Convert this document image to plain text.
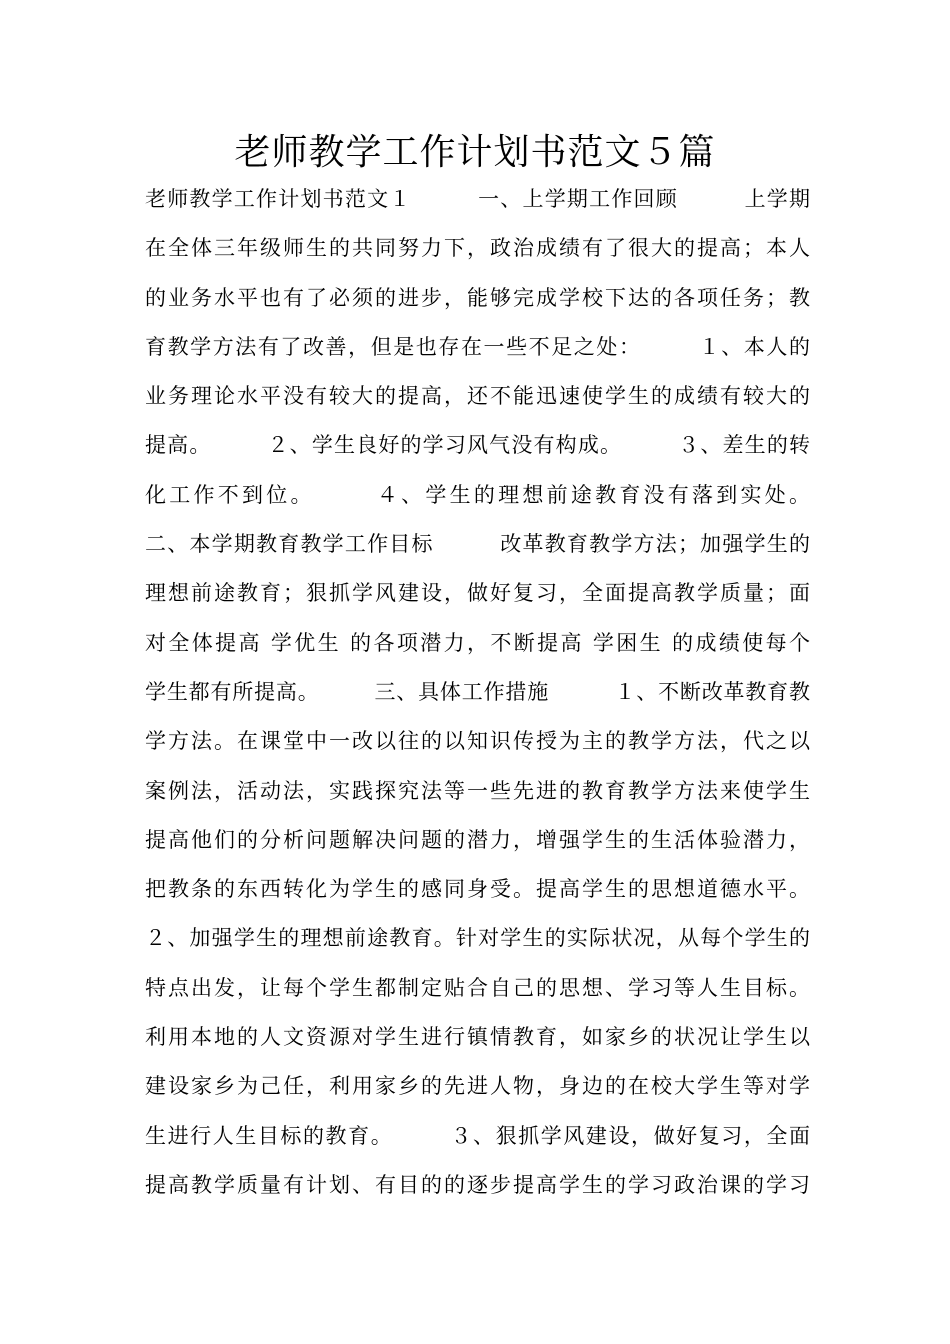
老师教学工作计划书范文５篇
老师教学工作计划书范文１　　　一、上学期工作回顾　　　上学期
在全体三年级师生的共同努力下，政治成绩有了很大的提高；本人
的业务水平也有了必须的进步，能够完成学校下达的各项任务；教
育教学方法有了改善，但是也存在一些不足之处：　　　１、本人的
业务理论水平没有较大的提高，还不能迅速使学生的成绩有较大的
提高。　　　２、学生良好的学习风气没有构成。　　　３、差生的转
化工作不到位。　　　４、学生的理想前途教育没有落到实处。
二、本学期教育教学工作目标　　　改革教育教学方法；加强学生的
理想前途教育；狠抓学风建设，做好复习，全面提高教学质量；面
对全体提高 学优生 的各项潜力，不断提高 学困生 的成绩使每个
学生都有所提高。　　　三、具体工作措施　　　１、不断改革教育教
学方法。在课堂中一改以往的以知识传授为主的教学方法，代之以
案例法，活动法，实践探究法等一些先进的教育教学方法来使学生
提高他们的分析问题解决问题的潜力，增强学生的生活体验潜力，
把教条的东西转化为学生的感同身受。提高学生的思想道德水平。
２、加强学生的理想前途教育。针对学生的实际状况，从每个学生的
特点出发，让每个学生都制定贴合自己的思想、学习等人生目标。
利用本地的人文资源对学生进行镇情教育，如家乡的状况让学生以
建设家乡为己任，利用家乡的先进人物，身边的在校大学生等对学
生进行人生目标的教育。　　　３、狠抓学风建设，做好复习，全面
提高教学质量有计划、有目的的逐步提高学生的学习政治课的学习
